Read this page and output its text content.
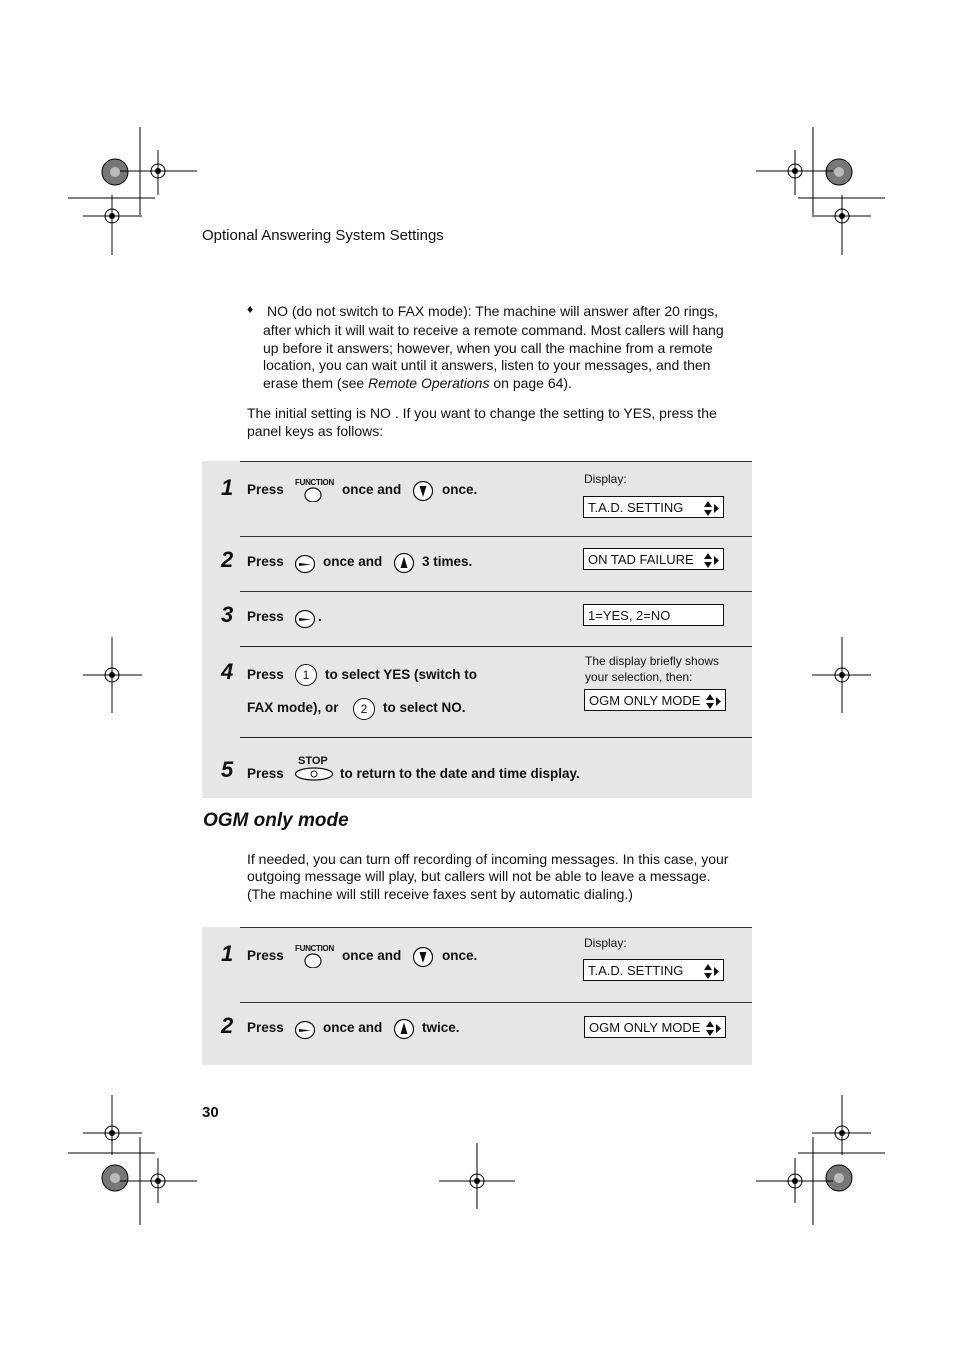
Optional Answering System Settings
♦ NO (do not switch to FAX mode): The machine will answer after 20 rings,
after which it will wait to receive a remote command. Most callers will hang
up before it answers; however, when you call the machine from a remote
location, you can wait until it answers, listen to your messages, and then
erase them (see Remote Operations on page 64).
The initial setting is NO . If you want to change the setting to YES, press the
panel keys as follows:
1 Press FUNCTION once and	once.
Display:
T.A.D. SETTING
2 Press	once and	3 times.	ON TAD FAILURE
3 Press	.	1=YES, 2=NO
4 Press	1	to select YES (switch to
FAX mode), or	2	to select NO.
The display briefly shows
your selection, then:
OGM ONLY MODE
5 Press
STOP
to return to the date and time display.
OGM only mode
If needed, you can turn off recording of incoming messages. In this case, your
outgoing message will play, but callers will not be able to leave a message.
(The machine will still receive faxes sent by automatic dialing.)
1 Press FUNCTION once and	once.
Display:
T.A.D. SETTING
2 Press	once and	twice.	OGM ONLY MODE
30
